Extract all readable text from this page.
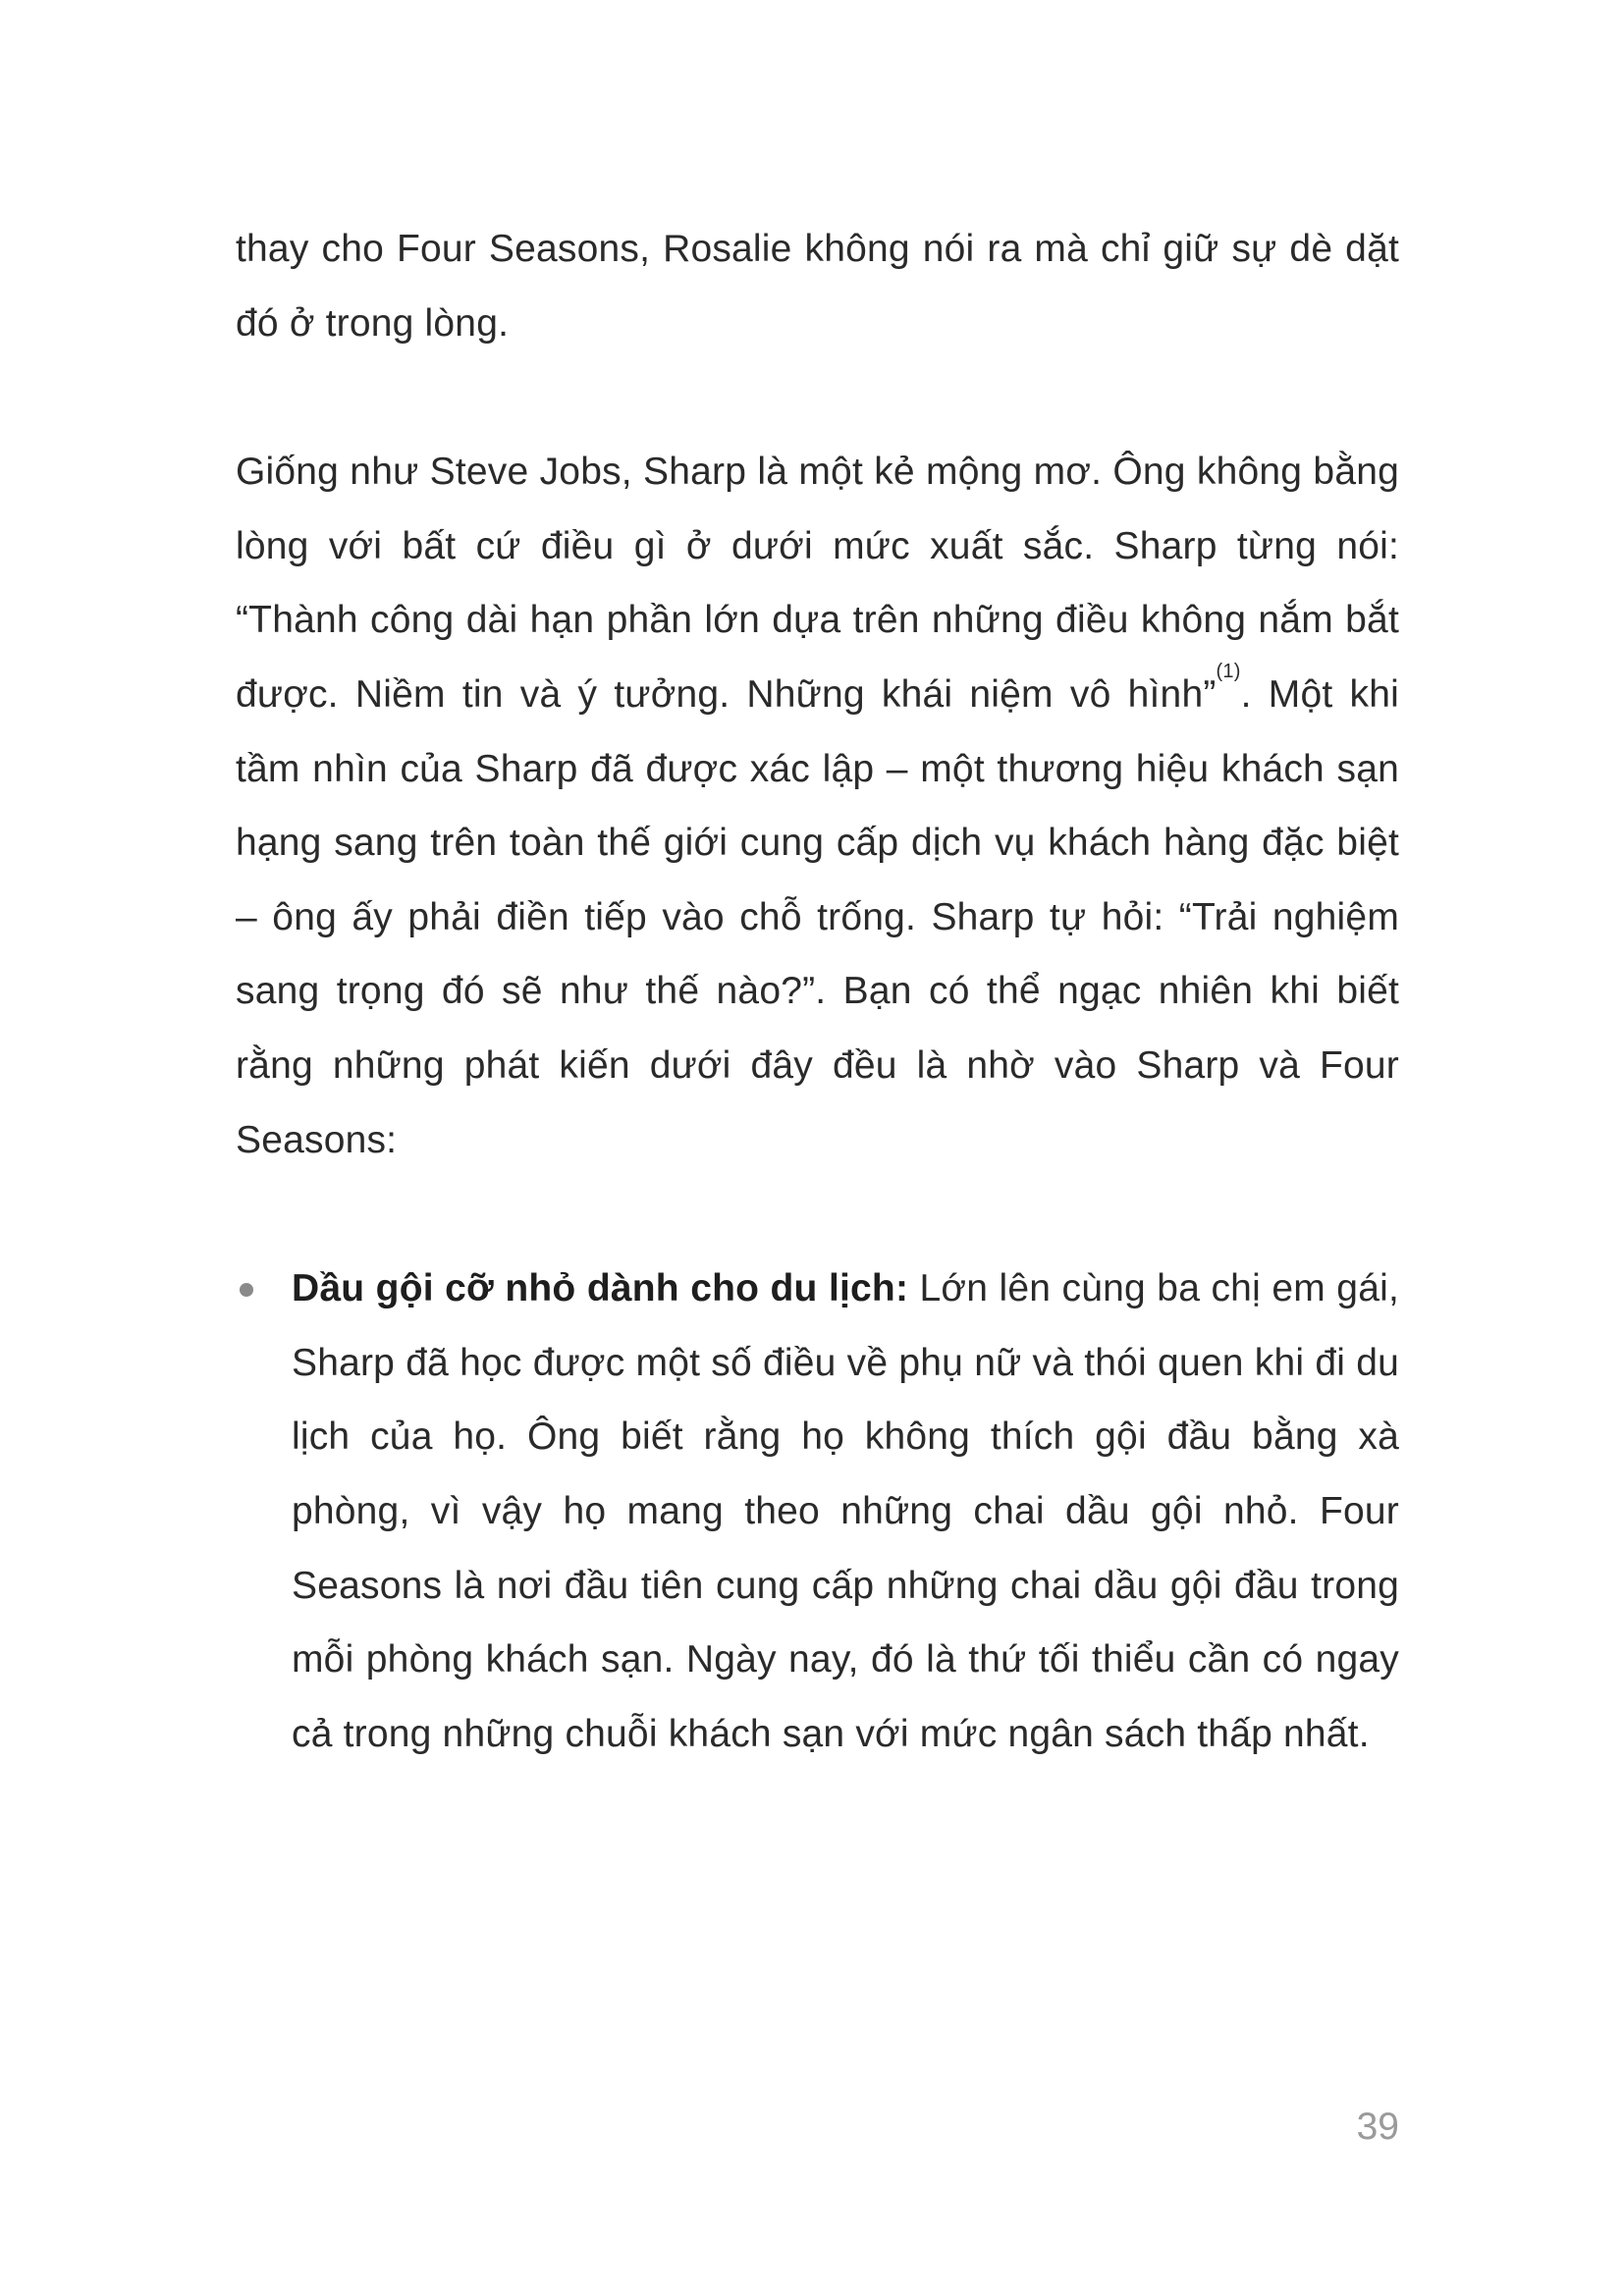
thay cho Four Seasons, Rosalie không nói ra mà chỉ giữ sự dè dặt đó ở trong lòng.

Giống như Steve Jobs, Sharp là một kẻ mộng mơ. Ông không bằng lòng với bất cứ điều gì ở dưới mức xuất sắc. Sharp từng nói: “Thành công dài hạn phần lớn dựa trên những điều không nắm bắt được. Niềm tin và ý tưởng. Những khái niệm vô hình”$^{(1)}$. Một khi tầm nhìn của Sharp đã được xác lập – một thương hiệu khách sạn hạng sang trên toàn thế giới cung cấp dịch vụ khách hàng đặc biệt – ông ấy phải điền tiếp vào chỗ trống. Sharp tự hỏi: “Trải nghiệm sang trọng đó sẽ như thế nào?”. Bạn có thể ngạc nhiên khi biết rằng những phát kiến dưới đây đều là nhờ vào Sharp và Four Seasons:

Dầu gội cỡ nhỏ dành cho du lịch: Lớn lên cùng ba chị em gái, Sharp đã học được một số điều về phụ nữ và thói quen khi đi du lịch của họ. Ông biết rằng họ không thích gội đầu bằng xà phòng, vì vậy họ mang theo những chai dầu gội nhỏ. Four Seasons là nơi đầu tiên cung cấp những chai dầu gội đầu trong mỗi phòng khách sạn. Ngày nay, đó là thứ tối thiểu cần có ngay cả trong những chuỗi khách sạn với mức ngân sách thấp nhất.
39
